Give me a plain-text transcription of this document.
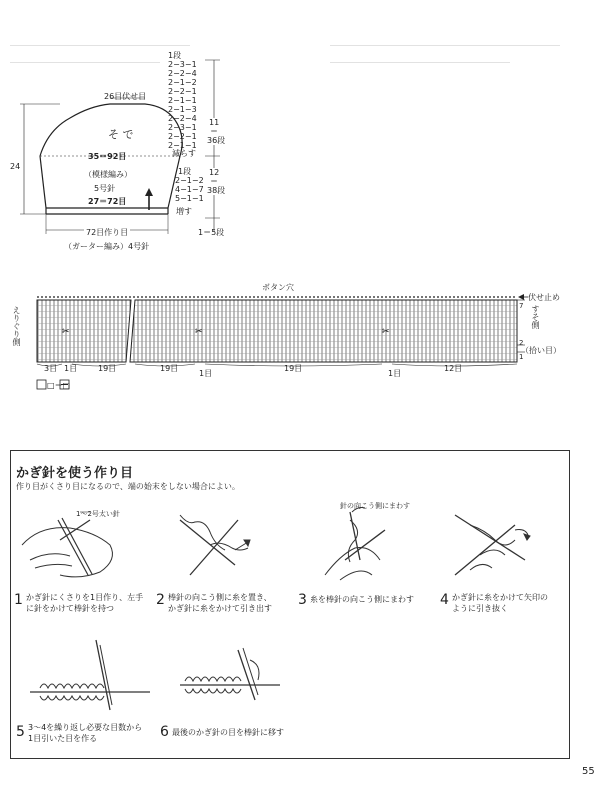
26目伏せ目
そ で
24
35＝92目
（模様編み）
5号針
27＝72目
72目作り目
（ガーター編み）4号針
1段
2−3−1
2−2−4
2−1−2
2−2−1
2−1−1
2−1−3
2−2−4
2−3−1
2−2−1
2−1−1
減らす
1段
2−1−2
4−1−7
5−1−1
増す
11
＝
36段
12
＝
38段
1＝5段
✂	✂	✂
ボタン穴
えりぐり側
伏せ止め
すそ側
（拾い目）
7
2
1
3目 1目	19目	19目
1目
19目
1目
12目
□＝□
かぎ針を使う作り目
作り目がくさり目になるので、端の始末をしない場合によい。
1～2号太い針
針の向こう側にまわす
1 かぎ針にくさりを1目作り、左手
に針をかけて棒針を持つ
2 棒針の向こう側に糸を置き、
かぎ針に糸をかけて引き出す
3 糸を棒針の向こう側にまわす 4 かぎ針に糸をかけて矢印の
ように引き抜く
5 3～4を繰り返し必要な目数から
1目引いた目を作る	6 最後のかぎ針の目を棒針に移す
55
